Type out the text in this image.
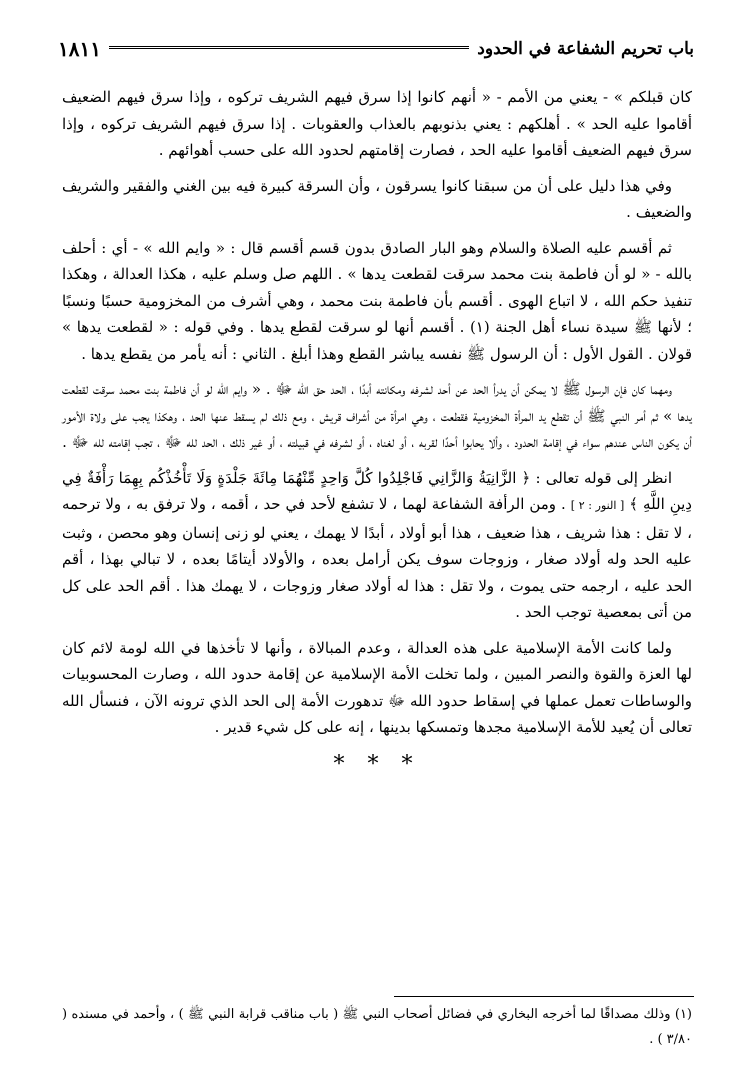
باب تحريم الشفاعة في الحدود
١٨١١

كان قبلكم » - يعني من الأمم - « أنهم كانوا إذا سرق فيهم الشريف تركوه ، وإذا سرق فيهم الضعيف أقاموا عليه الحد » . أهلكهم : يعني بذنوبهم بالعذاب والعقوبات . إذا سرق فيهم الشريف تركوه ، وإذا سرق فيهم الضعيف أقاموا عليه الحد ، فصارت إقامتهم لحدود الله على حسب أهوائهم .

وفي هذا دليل على أن من سبقنا كانوا يسرقون ، وأن السرقة كبيرة فيه بين الغني والفقير والشريف والضعيف .

ثم أقسم عليه الصلاة والسلام وهو البار الصادق بدون قسم أقسم قال : « وايم الله » - أي : أحلف بالله - « لو أن فاطمة بنت محمد سرقت لقطعت يدها » . اللهم صل وسلم عليه ، هكذا العدالة ، وهكذا تنفيذ حكم الله ، لا اتباع الهوى . أقسم بأن فاطمة بنت محمد ، وهي أشرف من المخزومية حسبًا ونسبًا ؛ لأنها ﷺ سيدة نساء أهل الجنة (١) . أقسم أنها لو سرقت لقطع يدها . وفي قوله : « لقطعت يدها » قولان . القول الأول : أن الرسول ﷺ نفسه يباشر القطع وهذا أبلغ . الثاني : أنه يأمر من يقطع يدها .

ومهما كان فإن الرسول ﷺ لا يمكن أن يدرأ الحد عن أحد لشرفه ومكانته أبدًا ، الحد حق الله ﷻ . « وايم الله لو أن فاطمة بنت محمد سرقت لقطعت يدها » ثم أمر النبي ﷺ أن تقطع يد المرأة المخزومية فقطعت ، وهي امرأة من أشراف قريش ، ومع ذلك لم يسقط عنها الحد ، وهكذا يجب على ولاة الأمور أن يكون الناس عندهم سواء في إقامة الحدود ، وألا يحابوا أحدًا لقربه ، أو لغناه ، أو لشرفه في قبيلته ، أو غير ذلك ، الحد لله ﷻ ، تجب إقامته لله ﷻ .

انظر إلى قوله تعالى : ﴿ الزَّانِيَةُ وَالزَّانِي فَاجْلِدُوا كُلَّ وَاحِدٍ مِّنْهُمَا مِائَةَ جَلْدَةٍ وَلَا تَأْخُذْكُم بِهِمَا رَأْفَةٌ فِي دِينِ اللَّهِ ﴾ [ النور : ٢ ] . ومن الرأفة الشفاعة لهما ، لا تشفع لأحد في حد ، أقمه ، ولا ترفق به ، ولا ترحمه ، لا تقل : هذا شريف ، هذا ضعيف ، هذا أبو أولاد ، أبدًا لا يهمك ، يعني لو زنى إنسان وهو محصن ، وثبت عليه الحد وله أولاد صغار ، وزوجات سوف يكن أرامل بعده ، والأولاد أيتامًا بعده ، لا تبالي بهذا ، أقم الحد عليه ، ارجمه حتى يموت ، ولا تقل : هذا له أولاد صغار وزوجات ، لا يهمك هذا . أقم الحد على كل من أتى بمعصية توجب الحد .

ولما كانت الأمة الإسلامية على هذه العدالة ، وعدم المبالاة ، وأنها لا تأخذها في الله لومة لائم كان لها العزة والقوة والنصر المبين ، ولما تخلت الأمة الإسلامية عن إقامة حدود الله ، وصارت المحسوبيات والوساطات تعمل عملها في إسقاط حدود الله ﷻ تدهورت الأمة إلى الحد الذي ترونه الآن ، فنسأل الله تعالى أن يُعيد للأمة الإسلامية مجدها وتمسكها بدينها ، إنه على كل شيء قدير .

* * *
(١) وذلك مصداقًا لما أخرجه البخاري في فضائل أصحاب النبي ﷺ ( باب مناقب قرابة النبي ﷺ ) ، وأحمد في مسنده ( ٣/٨٠ ) .
